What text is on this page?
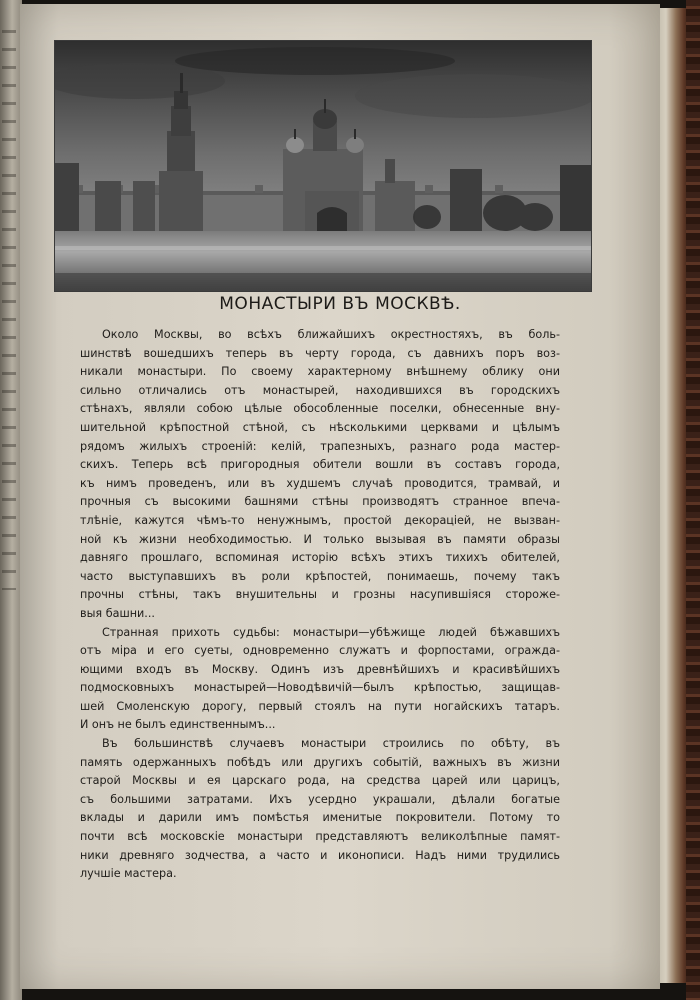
МОНАСТЫРИ ВЪ МОСКВѢ.
Около Москвы, во всѣхъ ближайшихъ окрестностяхъ, въ боль-
шинствѣ вошедшихъ теперь въ черту города, съ давнихъ поръ воз-
никали монастыри. По своему характерному внѣшнему облику они
сильно отличались отъ монастырей, находившихся въ городскихъ
стѣнахъ, являли собою цѣлые обособленные поселки, обнесенные вну-
шительной крѣпостной стѣной, съ нѣсколькими церквами и цѣлымъ
рядомъ жилыхъ строеній: келій, трапезныхъ, разнаго рода мастер-
скихъ. Теперь всѣ пригородныя обители вошли въ составъ города,
къ нимъ проведенъ, или въ худшемъ случаѣ проводится, трамвай, и
прочныя съ высокими башнями стѣны производятъ странное впеча-
тлѣніе, кажутся чѣмъ-то ненужнымъ, простой декораціей, не вызван-
ной къ жизни необходимостью. И только вызывая въ памяти образы
давняго прошлаго, вспоминая исторію всѣхъ этихъ тихихъ обителей,
часто выступавшихъ въ роли крѣпостей, понимаешь, почему такъ
прочны стѣны, такъ внушительны и грозны насупившіяся стороже-
выя башни...
Странная прихоть судьбы: монастыри—убѣжище людей бѣжавшихъ
отъ міра и его суеты, одновременно служатъ и форпостами, огражда-
ющими входъ въ Москву. Одинъ изъ древнѣйшихъ и красивѣйшихъ
подмосковныхъ монастырей—Новодѣвичій—былъ крѣпостью, защищав-
шей Смоленскую дорогу, первый стоялъ на пути ногайскихъ татаръ.
И онъ не былъ единственнымъ...
Въ большинствѣ случаевъ монастыри строились по обѣту, въ
память одержанныхъ побѣдъ или другихъ событій, важныхъ въ жизни
старой Москвы и ея царскаго рода, на средства царей или царицъ,
съ большими затратами. Ихъ усердно украшали, дѣлали богатые
вклады и дарили имъ помѣстья именитые покровители. Потому то
почти всѣ московскіе монастыри представляютъ великолѣпные памят-
ники древняго зодчества, а часто и иконописи. Надъ ними трудились
лучшіе мастера.
